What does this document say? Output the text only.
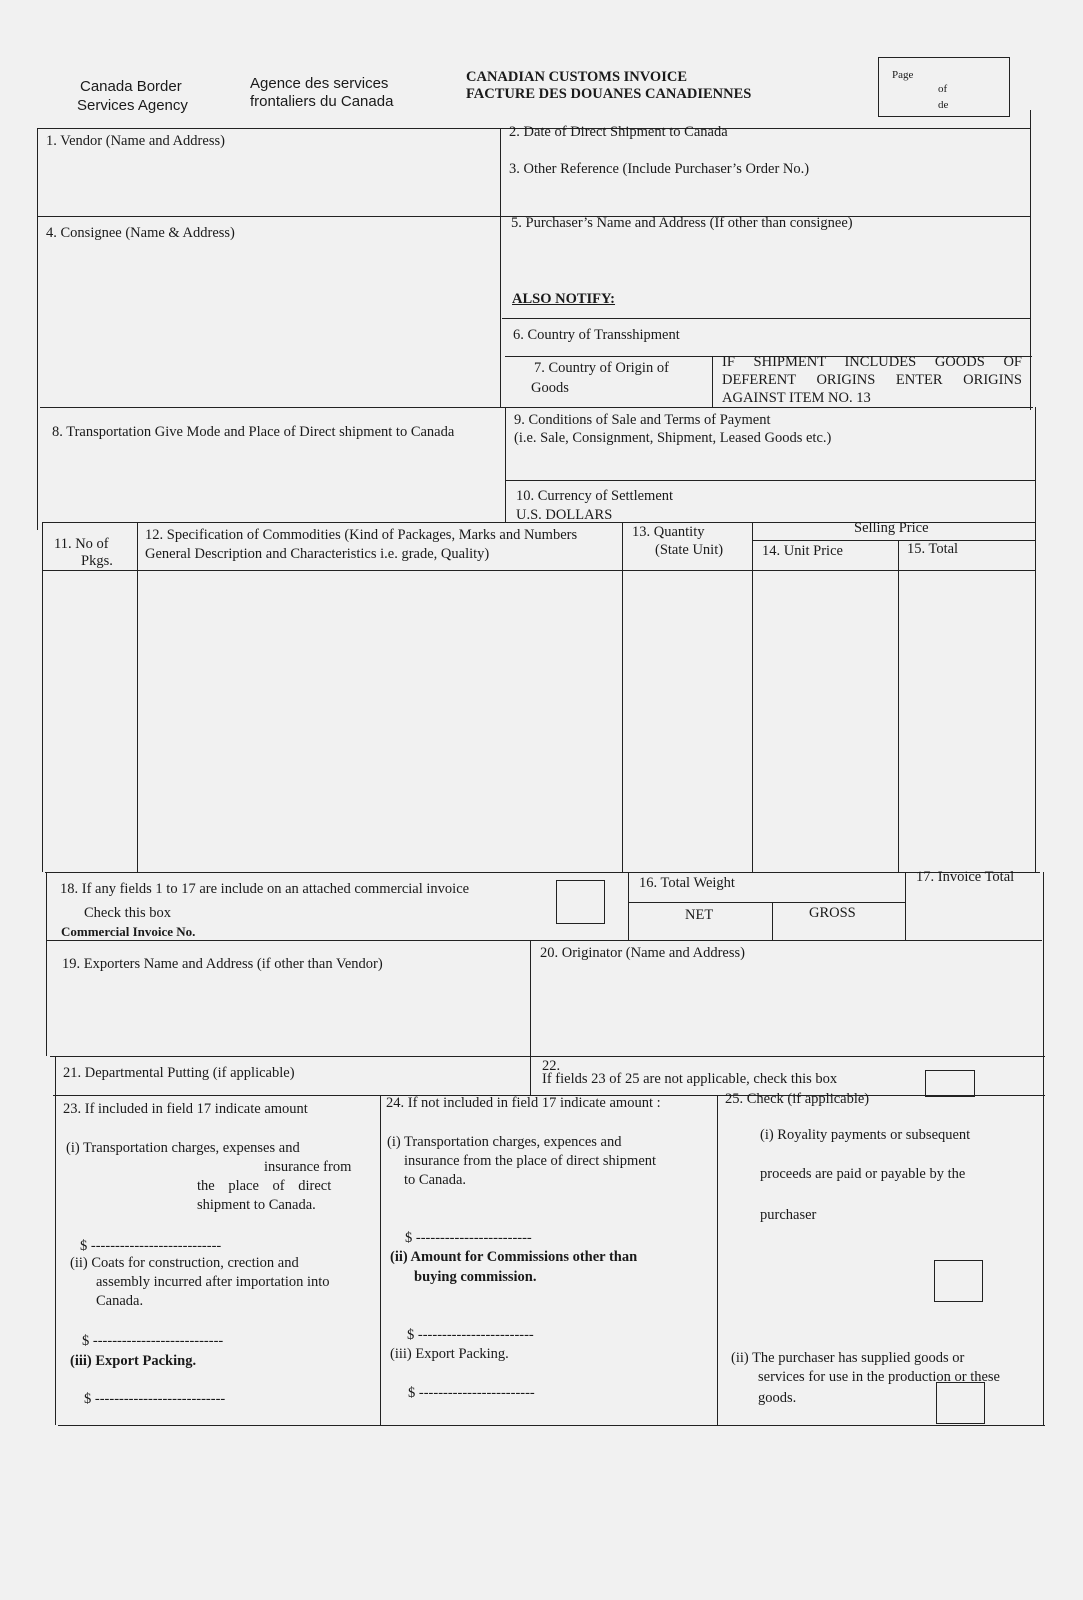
Canada Border
Services Agency
Agence des services
frontaliers du Canada
CANADIAN CUSTOMS INVOICE
FACTURE DES DOUANES CANADIENNES
Page
of
de
1. Vendor (Name and Address)
2. Date of Direct Shipment to Canada
3. Other Reference (Include Purchaser’s Order No.)
4. Consignee (Name & Address)
5. Purchaser’s Name and Address (If other than consignee)
ALSO NOTIFY:
6. Country of Transshipment
7. Country of Origin of
Goods
IF SHIPMENT INCLUDES GOODS OF
DEFERENT ORIGINS ENTER ORIGINS
AGAINST ITEM NO. 13
8. Transportation Give Mode and Place of Direct shipment to Canada
9. Conditions of Sale and Terms of Payment
(i.e. Sale, Consignment, Shipment, Leased Goods etc.)
10. Currency of Settlement
U.S. DOLLARS
11. No of
Pkgs.
12. Specification of Commodities (Kind of Packages, Marks and Numbers
General Description and Characteristics i.e. grade, Quality)
13. Quantity
(State Unit)
Selling Price
14. Unit Price	15. Total
18. If any fields 1 to 17 are include on an attached commercial invoice
Check this box
Commercial Invoice No.
16. Total Weight
NET	GROSS
17. Invoice Total
19. Exporters Name and Address (if other than Vendor)
20. Originator (Name and Address)
21. Departmental Putting (if applicable)	22.
If fields 23 of 25 are not applicable, check this box
23. If included in field 17 indicate amount
(i) Transportation charges, expenses and
insurance from
the place of direct
shipment to Canada.
$ ---------------------------
(ii) Coats for construction, crection and
assembly incurred after importation into
Canada.
$ ---------------------------
(iii) Export Packing.
$ ---------------------------
24. If not included in field 17 indicate amount :
(i) Transportation charges, expences and
insurance from the place of direct shipment
to Canada.
$ ------------------------
(ii) Amount for Commissions other than
buying commission.
$ ------------------------
(iii) Export Packing.
$ ------------------------
25. Check (if applicable)
(i) Royality payments or subsequent
proceeds are paid or payable by the
purchaser
(ii) The purchaser has supplied goods or
services for use in the production or these
goods.
